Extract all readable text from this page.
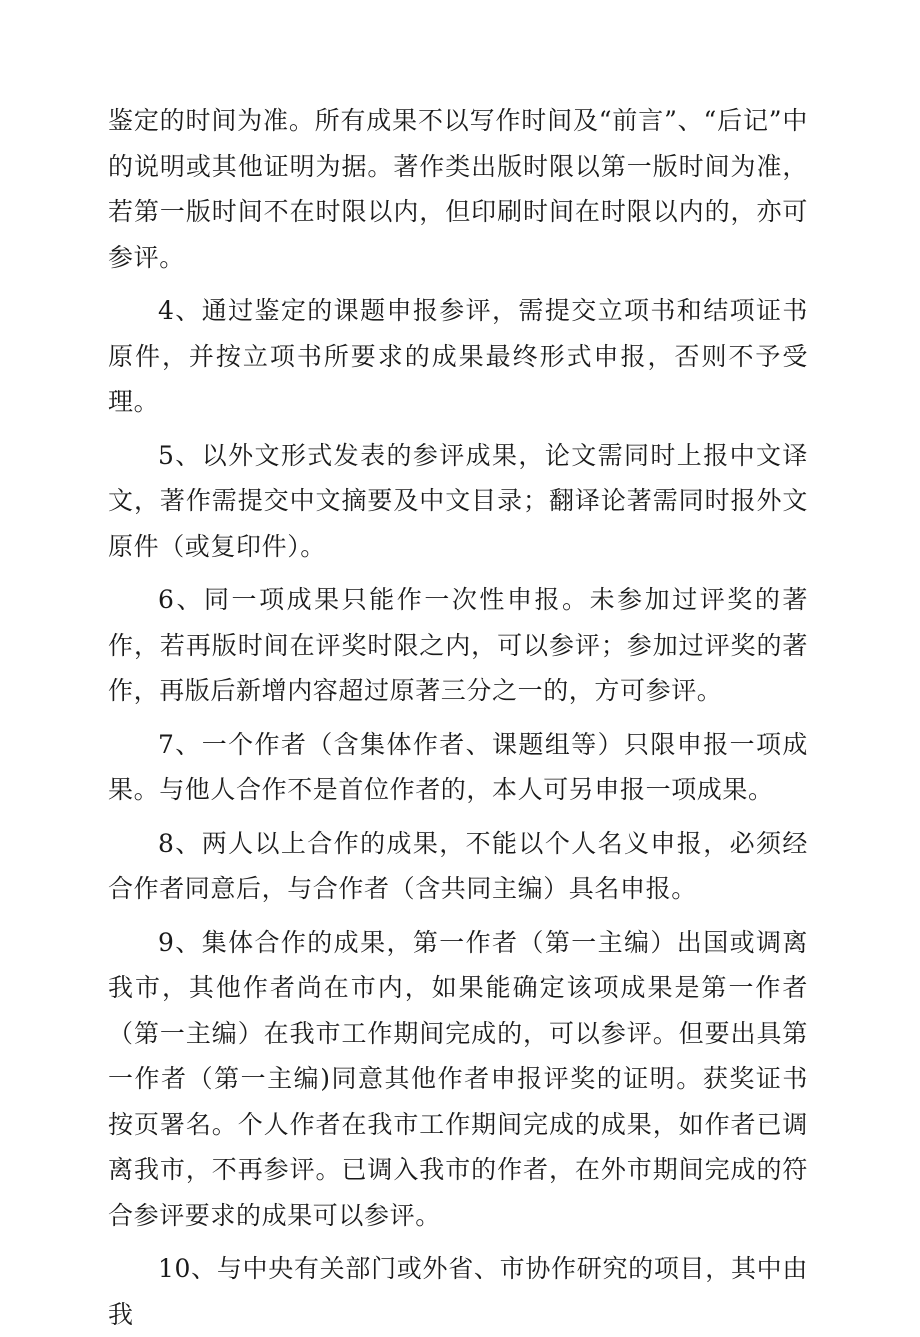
鉴定的时间为准。所有成果不以写作时间及“前言”、“后记”中的说明或其他证明为据。著作类出版时限以第一版时间为准，若第一版时间不在时限以内，但印刷时间在时限以内的，亦可参评。

4、通过鉴定的课题申报参评，需提交立项书和结项证书原件，并按立项书所要求的成果最终形式申报，否则不予受理。

5、以外文形式发表的参评成果，论文需同时上报中文译文，著作需提交中文摘要及中文目录；翻译论著需同时报外文原件（或复印件）。

6、同一项成果只能作一次性申报。未参加过评奖的著作，若再版时间在评奖时限之内，可以参评；参加过评奖的著作，再版后新增内容超过原著三分之一的，方可参评。

7、一个作者（含集体作者、课题组等）只限申报一项成果。与他人合作不是首位作者的，本人可另申报一项成果。

8、两人以上合作的成果，不能以个人名义申报，必须经合作者同意后，与合作者（含共同主编）具名申报。

9、集体合作的成果，第一作者（第一主编）出国或调离我市，其他作者尚在市内，如果能确定该项成果是第一作者（第一主编）在我市工作期间完成的，可以参评。但要出具第一作者（第一主编)同意其他作者申报评奖的证明。获奖证书按页署名。个人作者在我市工作期间完成的成果，如作者已调离我市，不再参评。已调入我市的作者，在外市期间完成的符合参评要求的成果可以参评。

10、与中央有关部门或外省、市协作研究的项目，其中由我
